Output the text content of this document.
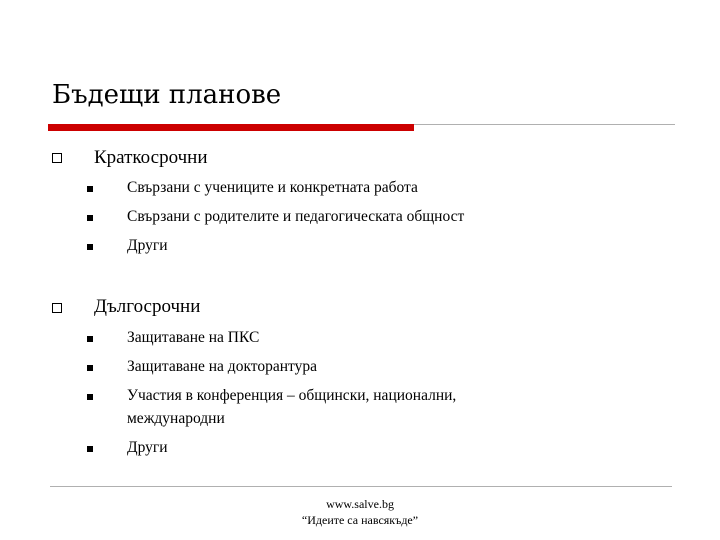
Бъдещи планове
Краткосрочни
Свързани с учениците и конкретната работа
Свързани с родителите и педагогическата общност
Други
Дългосрочни
Защитаване на ПКС
Защитаване на докторантура
Участия в конференция – общински, национални,
международни
Други
www.salve.bg
“Идеите са навсякъде”
